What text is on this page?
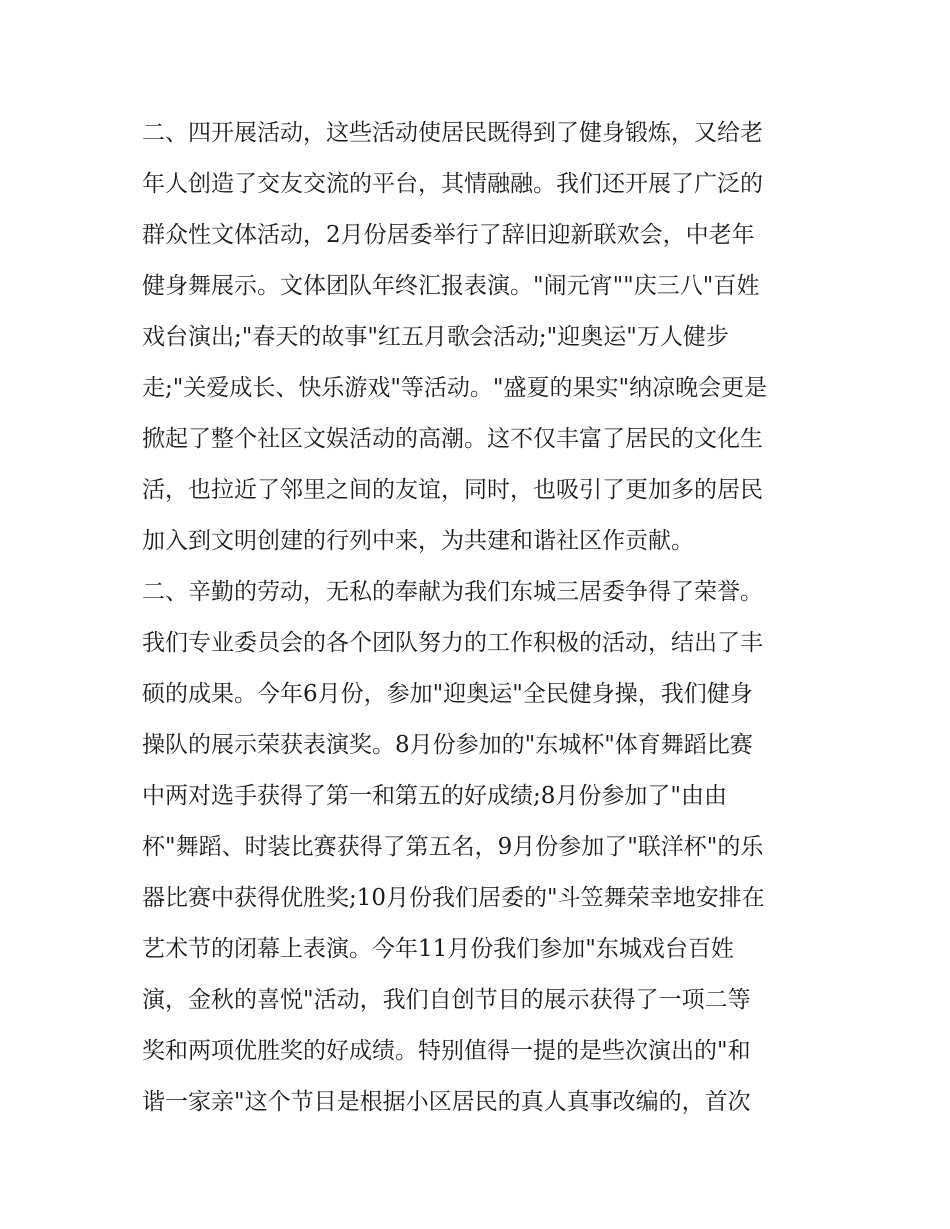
二、四开展活动，这些活动使居民既得到了健身锻炼，又给老
年人创造了交友交流的平台，其情融融。我们还开展了广泛的
群众性文体活动，2月份居委举行了辞旧迎新联欢会，中老年
健身舞展示。文体团队年终汇报表演。"闹元宵""庆三八"百姓
戏台演出;"春天的故事"红五月歌会活动;"迎奥运"万人健步
走;"关爱成长、快乐游戏"等活动。"盛夏的果实"纳凉晚会更是
掀起了整个社区文娱活动的高潮。这不仅丰富了居民的文化生
活，也拉近了邻里之间的友谊，同时，也吸引了更加多的居民
加入到文明创建的行列中来，为共建和谐社区作贡献。
二、辛勤的劳动，无私的奉献为我们东城三居委争得了荣誉。
我们专业委员会的各个团队努力的工作积极的活动，结出了丰
硕的成果。今年6月份，参加"迎奥运"全民健身操，我们健身
操队的展示荣获表演奖。8月份参加的"东城杯"体育舞蹈比赛
中两对选手获得了第一和第五的好成绩;8月份参加了"由由
杯"舞蹈、时装比赛获得了第五名，9月份参加了"联洋杯"的乐
器比赛中获得优胜奖;10月份我们居委的"斗笠舞荣幸地安排在
艺术节的闭幕上表演。今年11月份我们参加"东城戏台百姓
演，金秋的喜悦"活动，我们自创节目的展示获得了一项二等
奖和两项优胜奖的好成绩。特别值得一提的是些次演出的"和
谐一家亲"这个节目是根据小区居民的真人真事改编的，首次
